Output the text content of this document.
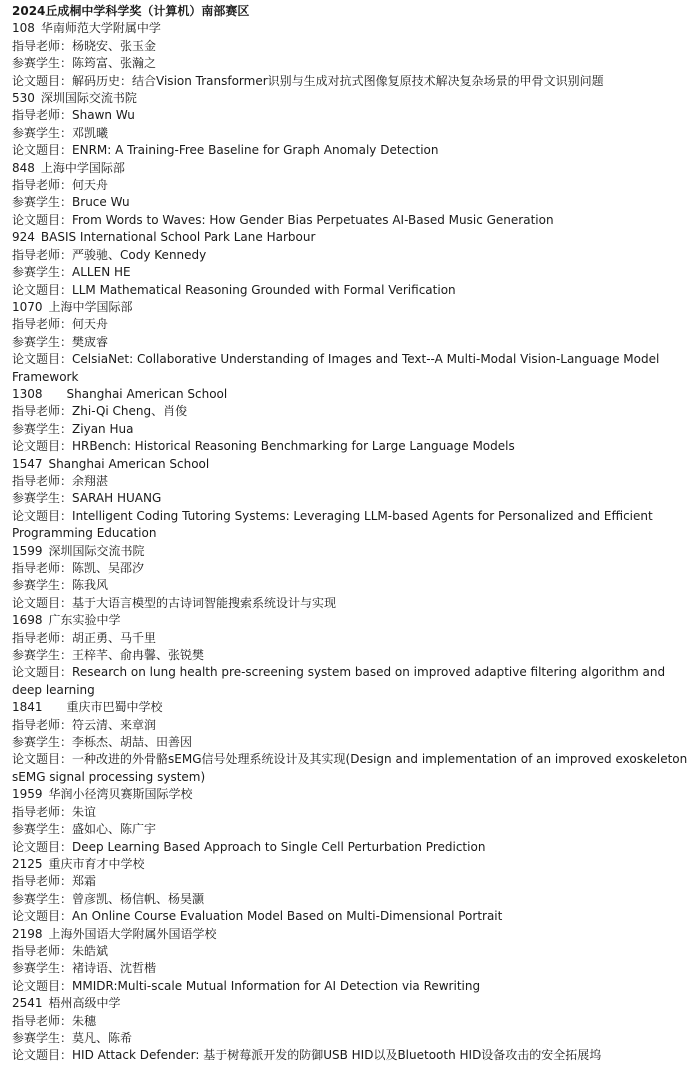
2024丘成桐中学科学奖（计算机）南部赛区
108 华南师范大学附属中学
指导老师 ： 杨晓安、张玉金
参赛学生 ： 陈筠富、张瀚之
论文题目 ： 解码历史：结合Vision Transformer识别与生成对抗式图像复原技术解决复杂场景的甲骨文识别问题
530 深圳国际交流书院
指导老师 ： Shawn Wu
参赛学生 ： 邓凯曦
论文题目 ： ENRM: A Training-Free Baseline for Graph Anomaly Detection
848 上海中学国际部
指导老师 ： 何天舟
参赛学生 ： Bruce Wu
论文题目 ： From Words to Waves: How Gender Bias Perpetuates AI-Based Music Generation
924 BASIS International School Park Lane Harbour
指导老师 ： 严骏驰、Cody Kennedy
参赛学生 ： ALLEN HE
论文题目 ： LLM Mathematical Reasoning Grounded with Formal Verification
1070 上海中学国际部
指导老师 ： 何天舟
参赛学生 ： 樊宬睿
论文题目 ： CelsiaNet: Collaborative Understanding of Images and Text--A Multi-Modal Vision-Language Model Framework
1308 Shanghai American School
指导老师 ： Zhi-Qi Cheng、肖俊
参赛学生 ： Ziyan Hua
论文题目 ： HRBench: Historical Reasoning Benchmarking for Large Language Models
1547 Shanghai American School
指导老师 ： 余翔湛
参赛学生 ： SARAH HUANG
论文题目 ： Intelligent Coding Tutoring Systems: Leveraging LLM-based Agents for Personalized and Efficient Programming Education
1599 深圳国际交流书院
指导老师 ： 陈凯、吴邵汐
参赛学生 ： 陈我风
论文题目 ： 基于大语言模型的古诗词智能搜索系统设计与实现
1698 广东实验中学
指导老师 ： 胡正勇、马千里
参赛学生 ： 王梓芊、俞冉馨、张锐樊
论文题目 ： Research on lung health pre-screening system based on improved adaptive filtering algorithm and deep learning
1841 重庆市巴蜀中学校
指导老师 ： 符云清、来章润
参赛学生 ： 李栎杰、胡喆、田善因
论文题目 ： 一种改进的外骨骼sEMG信号处理系统设计及其实现(Design and implementation of an improved exoskeleton sEMG signal processing system)
1959 华润小径湾贝赛斯国际学校
指导老师 ： 朱谊
参赛学生 ： 盛如心、陈广宇
论文题目 ： Deep Learning Based Approach to Single Cell Perturbation Prediction
2125 重庆市育才中学校
指导老师 ： 郑霜
参赛学生 ： 曾彦凯、杨信帆、杨昊灏
论文题目 ： An Online Course Evaluation Model Based on Multi-Dimensional Portrait
2198 上海外国语大学附属外国语学校
指导老师 ： 朱皓斌
参赛学生 ： 褚诗语、沈哲楷
论文题目 ： MMIDR:Multi-scale Mutual Information for AI Detection via Rewriting
2541 梧州高级中学
指导老师 ： 朱穗
参赛学生 ： 莫凡、陈希
论文题目 ： HID Attack Defender: 基于树莓派开发的防御USB HID以及Bluetooth HID设备攻击的安全拓展坞
